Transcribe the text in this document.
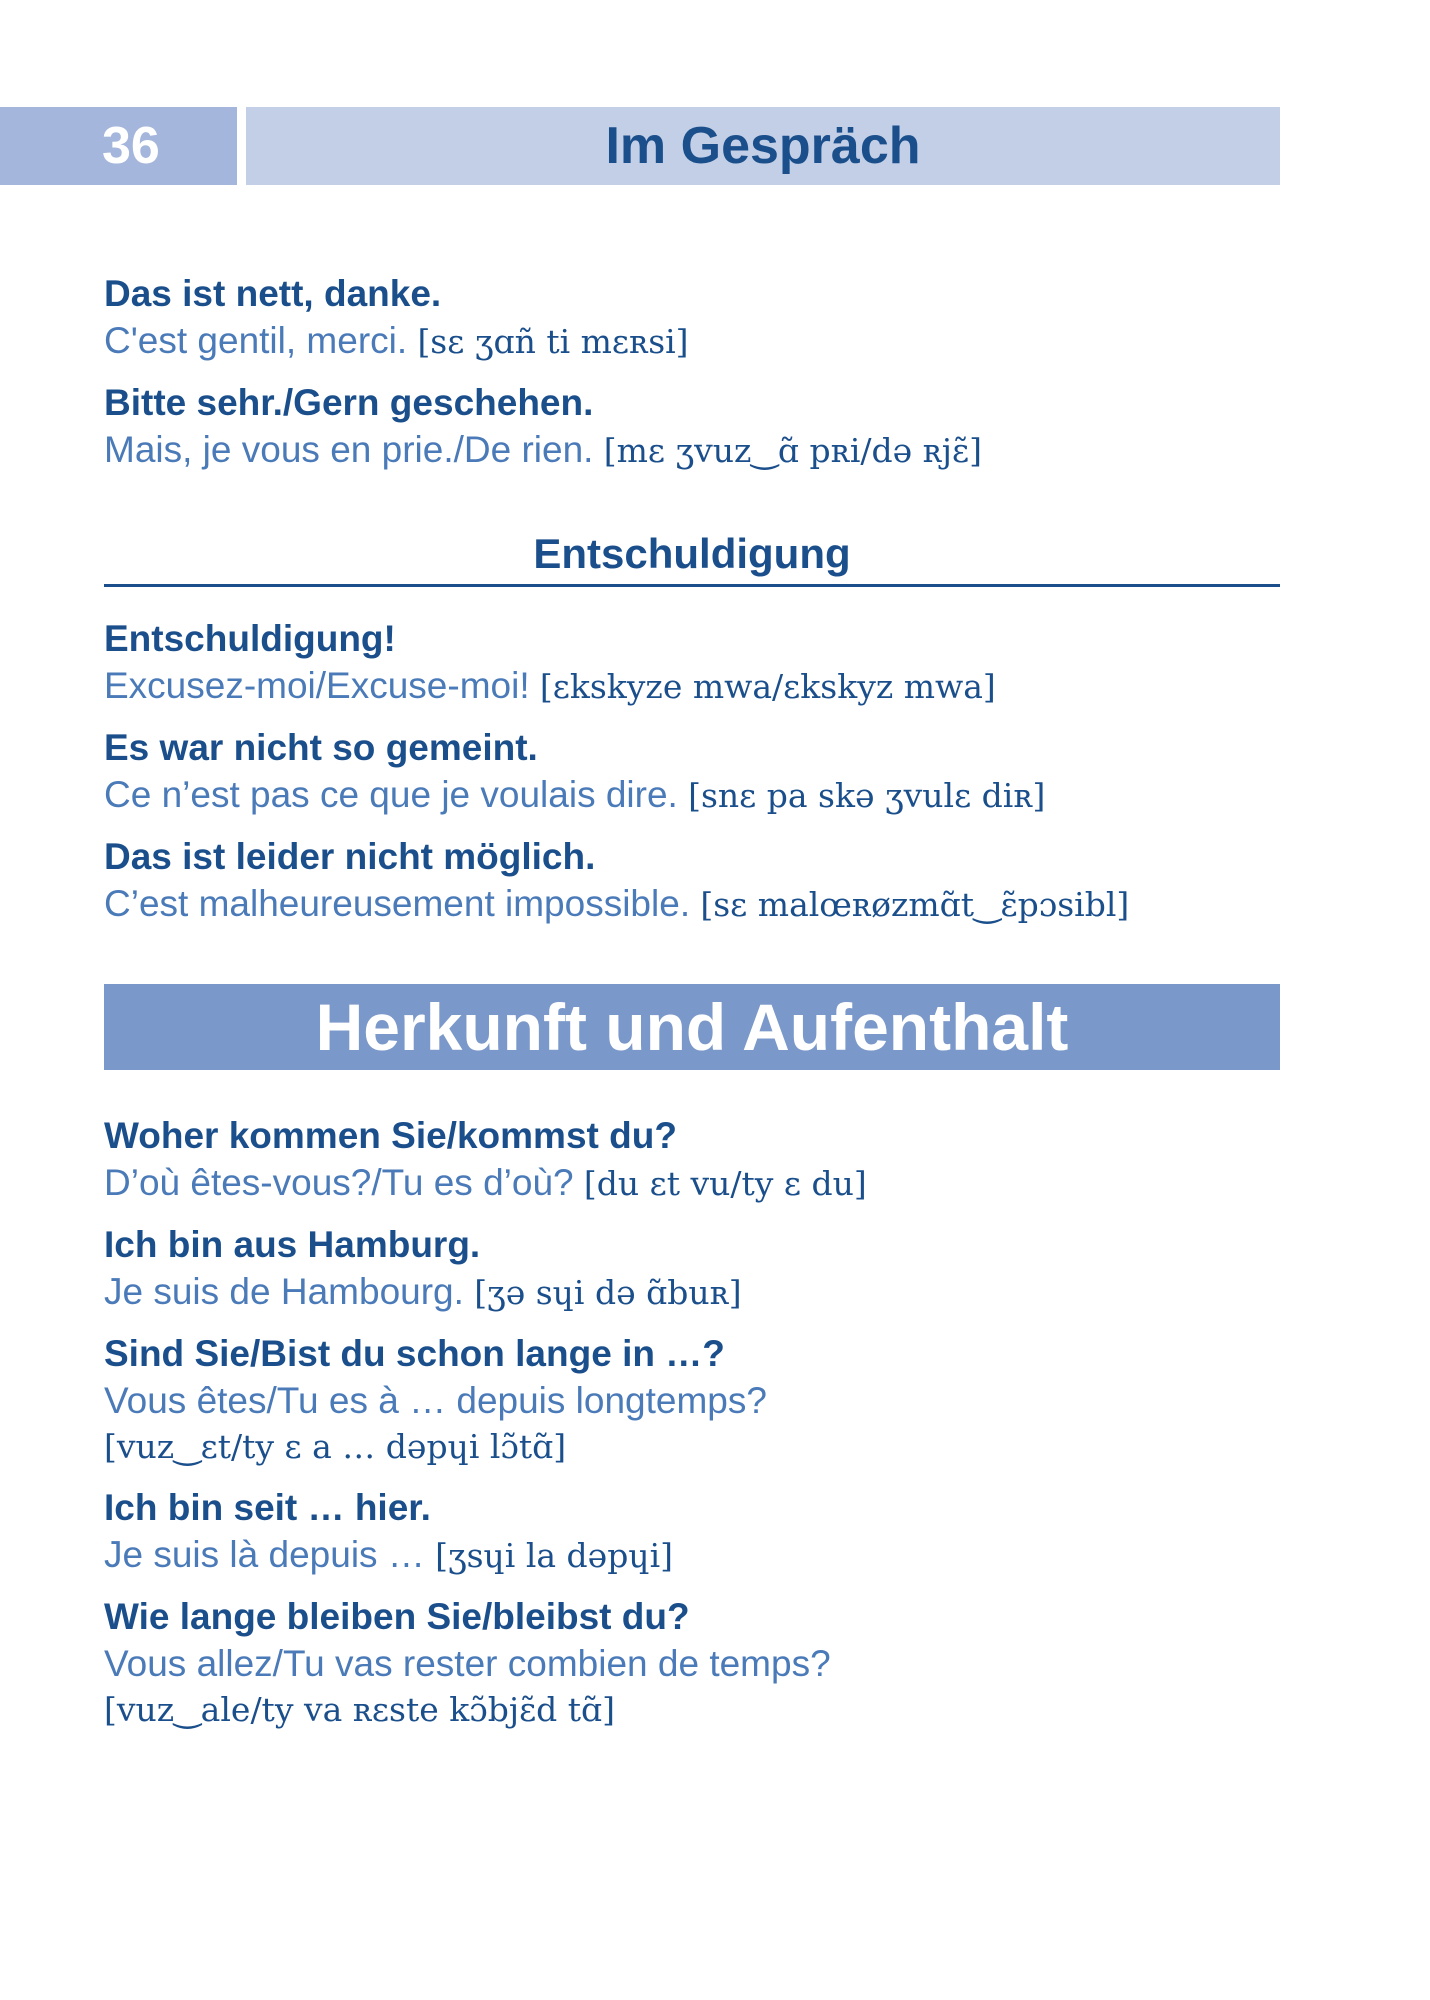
36	Im Gespräch
Das ist nett, danke.
C'est gentil, merci. [sɛ ʒɑñ ti mɛʀsi]
Bitte sehr./Gern geschehen.
Mais, je vous en prie./De rien. [mɛ ʒvuz‿ɑ̃ pʀi/də ʀjɛ̃]
Entschuldigung
Entschuldigung!
Excusez-moi/Excuse-moi! [ɛkskyze mwa/ɛkskyz mwa]
Es war nicht so gemeint.
Ce n’est pas ce que je voulais dire. [snɛ pa skə ʒvulɛ diʀ]
Das ist leider nicht möglich.
C’est malheureusement impossible. [sɛ malœʀøzmɑ̃t‿ɛ̃pɔsibl]
Herkunft und Aufenthalt
Woher kommen Sie/kommst du?
D’où êtes-vous?/Tu es d’où? [du ɛt vu/ty ɛ du]
Ich bin aus Hamburg.
Je suis de Hambourg. [ʒə sɥi də ɑ̃buʀ]
Sind Sie/Bist du schon lange in …?
Vous êtes/Tu es à … depuis longtemps?
[vuz‿ɛt/ty ɛ a … dəpɥi lɔ̃tɑ̃]
Ich bin seit … hier.
Je suis là depuis … [ʒsɥi la dəpɥi]
Wie lange bleiben Sie/bleibst du?
Vous allez/Tu vas rester combien de temps?
[vuz‿ale/ty va ʀɛste kɔ̃bjɛ̃d tɑ̃]
